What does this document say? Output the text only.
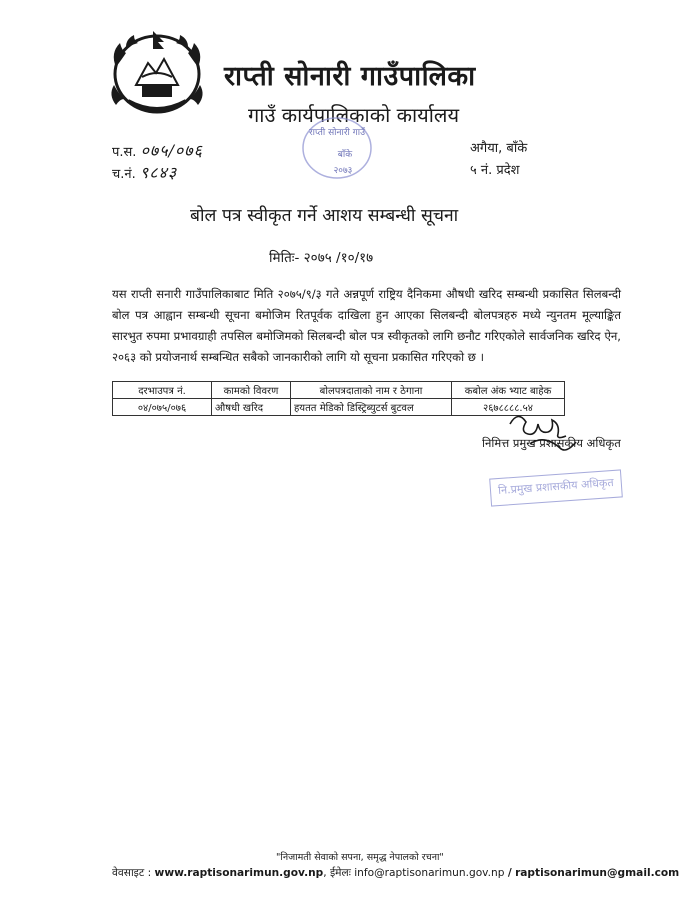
राप्ती सोनारी गाउँपालिका
गाउँ कार्यपालिकाको कार्यालय
प.स. ०७५/०७६
च.नं. ९८४३
अगैया, बाँके
५ नं. प्रदेश
राप्ती सोनारी गाउँ
बाँके
२०७३
बोल पत्र स्वीकृत गर्ने आशय सम्बन्धी सूचना
मितिः- २०७५ /१०/१७
यस राप्ती सनारी गाउँपालिकाबाट मिति २०७५/९/३ गते अन्नपूर्ण राष्ट्रिय दैनिकमा औषधी खरिद सम्बन्धी प्रकासित सिलबन्दी बोल पत्र आह्वान सम्बन्धी सूचना बमोजिम रितपूर्वक दाखिला हुन आएका सिलबन्दी बोलपत्रहरु मध्ये न्युनतम मूल्याङ्कित सारभुत रुपमा प्रभावग्राही तपसिल बमोजिमको सिलबन्दी बोल पत्र स्वीकृतको लागि छनौट गरिएकोले सार्वजनिक खरिद ऐन, २०६३ को प्रयोजनार्थ सम्बन्धित सबैको जानकारीको लागि यो सूचना प्रकासित गरिएको छ ।
दरभाउपत्र नं.	कामको विवरण	बोलपत्रदाताको नाम र ठेगाना	कबोल अंक भ्याट बाहेक
०४/०७५/०७६	औषधी खरिद	हयतत मेडिको डिस्ट्रिब्युटर्स बुटवल	२६७८८८८.५४
निमित्त प्रमुख प्रशासकीय अधिकृत
नि.प्रमुख प्रशासकीय अधिकृत
"निजामती सेवाको सपना, समृद्ध नेपालको रचना"
वेवसाइट : www.raptisonarimun.gov.np, ईमेलः info@raptisonarimun.gov.np / raptisonarimun@gmail.com
